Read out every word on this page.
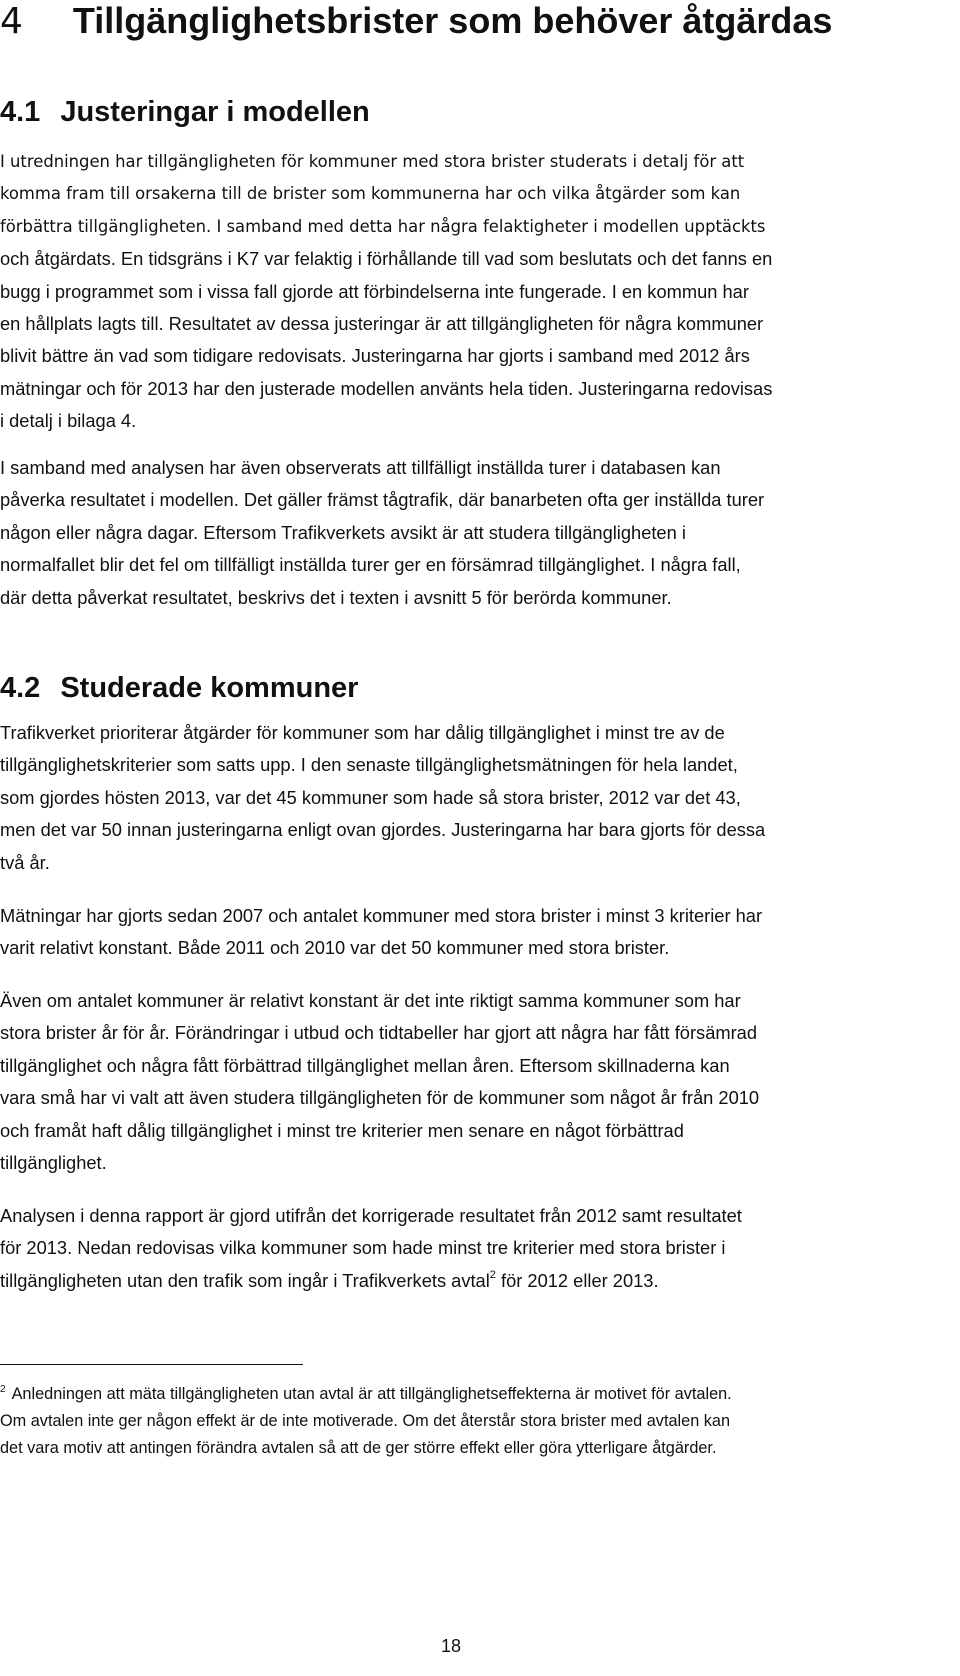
4 Tillgänglighetsbrister som behöver åtgärdas
4.1 Justeringar i modellen

I utredningen har tillgängligheten för kommuner med stora brister studerats i detalj för att
komma fram till orsakerna till de brister som kommunerna har och vilka åtgärder som kan
förbättra tillgängligheten. I samband med detta har några felaktigheter i modellen upptäckts
och åtgärdats. En tidsgräns i K7 var felaktig i förhållande till vad som beslutats och det fanns en
bugg i programmet som i vissa fall gjorde att förbindelserna inte fungerade. I en kommun har
en hållplats lagts till. Resultatet av dessa justeringar är att tillgängligheten för några kommuner
blivit bättre än vad som tidigare redovisats. Justeringarna har gjorts i samband med 2012 års
mätningar och för 2013 har den justerade modellen använts hela tiden. Justeringarna redovisas
i detalj i bilaga 4.

I samband med analysen har även observerats att tillfälligt inställda turer i databasen kan
påverka resultatet i modellen. Det gäller främst tågtrafik, där banarbeten ofta ger inställda turer
någon eller några dagar. Eftersom Trafikverkets avsikt är att studera tillgängligheten i
normalfallet blir det fel om tillfälligt inställda turer ger en försämrad tillgänglighet. I några fall,
där detta påverkat resultatet, beskrivs det i texten i avsnitt 5 för berörda kommuner.

4.2 Studerade kommuner

Trafikverket prioriterar åtgärder för kommuner som har dålig tillgänglighet i minst tre av de
tillgänglighetskriterier som satts upp. I den senaste tillgänglighetsmätningen för hela landet,
som gjordes hösten 2013, var det 45 kommuner som hade så stora brister, 2012 var det 43,
men det var 50 innan justeringarna enligt ovan gjordes. Justeringarna har bara gjorts för dessa
två år.

Mätningar har gjorts sedan 2007 och antalet kommuner med stora brister i minst 3 kriterier har
varit relativt konstant. Både 2011 och 2010 var det 50 kommuner med stora brister.

Även om antalet kommuner är relativt konstant är det inte riktigt samma kommuner som har
stora brister år för år. Förändringar i utbud och tidtabeller har gjort att några har fått försämrad
tillgänglighet och några fått förbättrad tillgänglighet mellan åren. Eftersom skillnaderna kan
vara små har vi valt att även studera tillgängligheten för de kommuner som något år från 2010
och framåt haft dålig tillgänglighet i minst tre kriterier men senare en något förbättrad
tillgänglighet.

Analysen i denna rapport är gjord utifrån det korrigerade resultatet från 2012 samt resultatet
för 2013. Nedan redovisas vilka kommuner som hade minst tre kriterier med stora brister i
tillgängligheten utan den trafik som ingår i Trafikverkets avtal$^2$ för 2012 eller 2013.

$^2$ Anledningen att mäta tillgängligheten utan avtal är att tillgänglighetseffekterna är motivet för avtalen.
Om avtalen inte ger någon effekt är de inte motiverade. Om det återstår stora brister med avtalen kan
det vara motiv att antingen förändra avtalen så att de ger större effekt eller göra ytterligare åtgärder.

18
